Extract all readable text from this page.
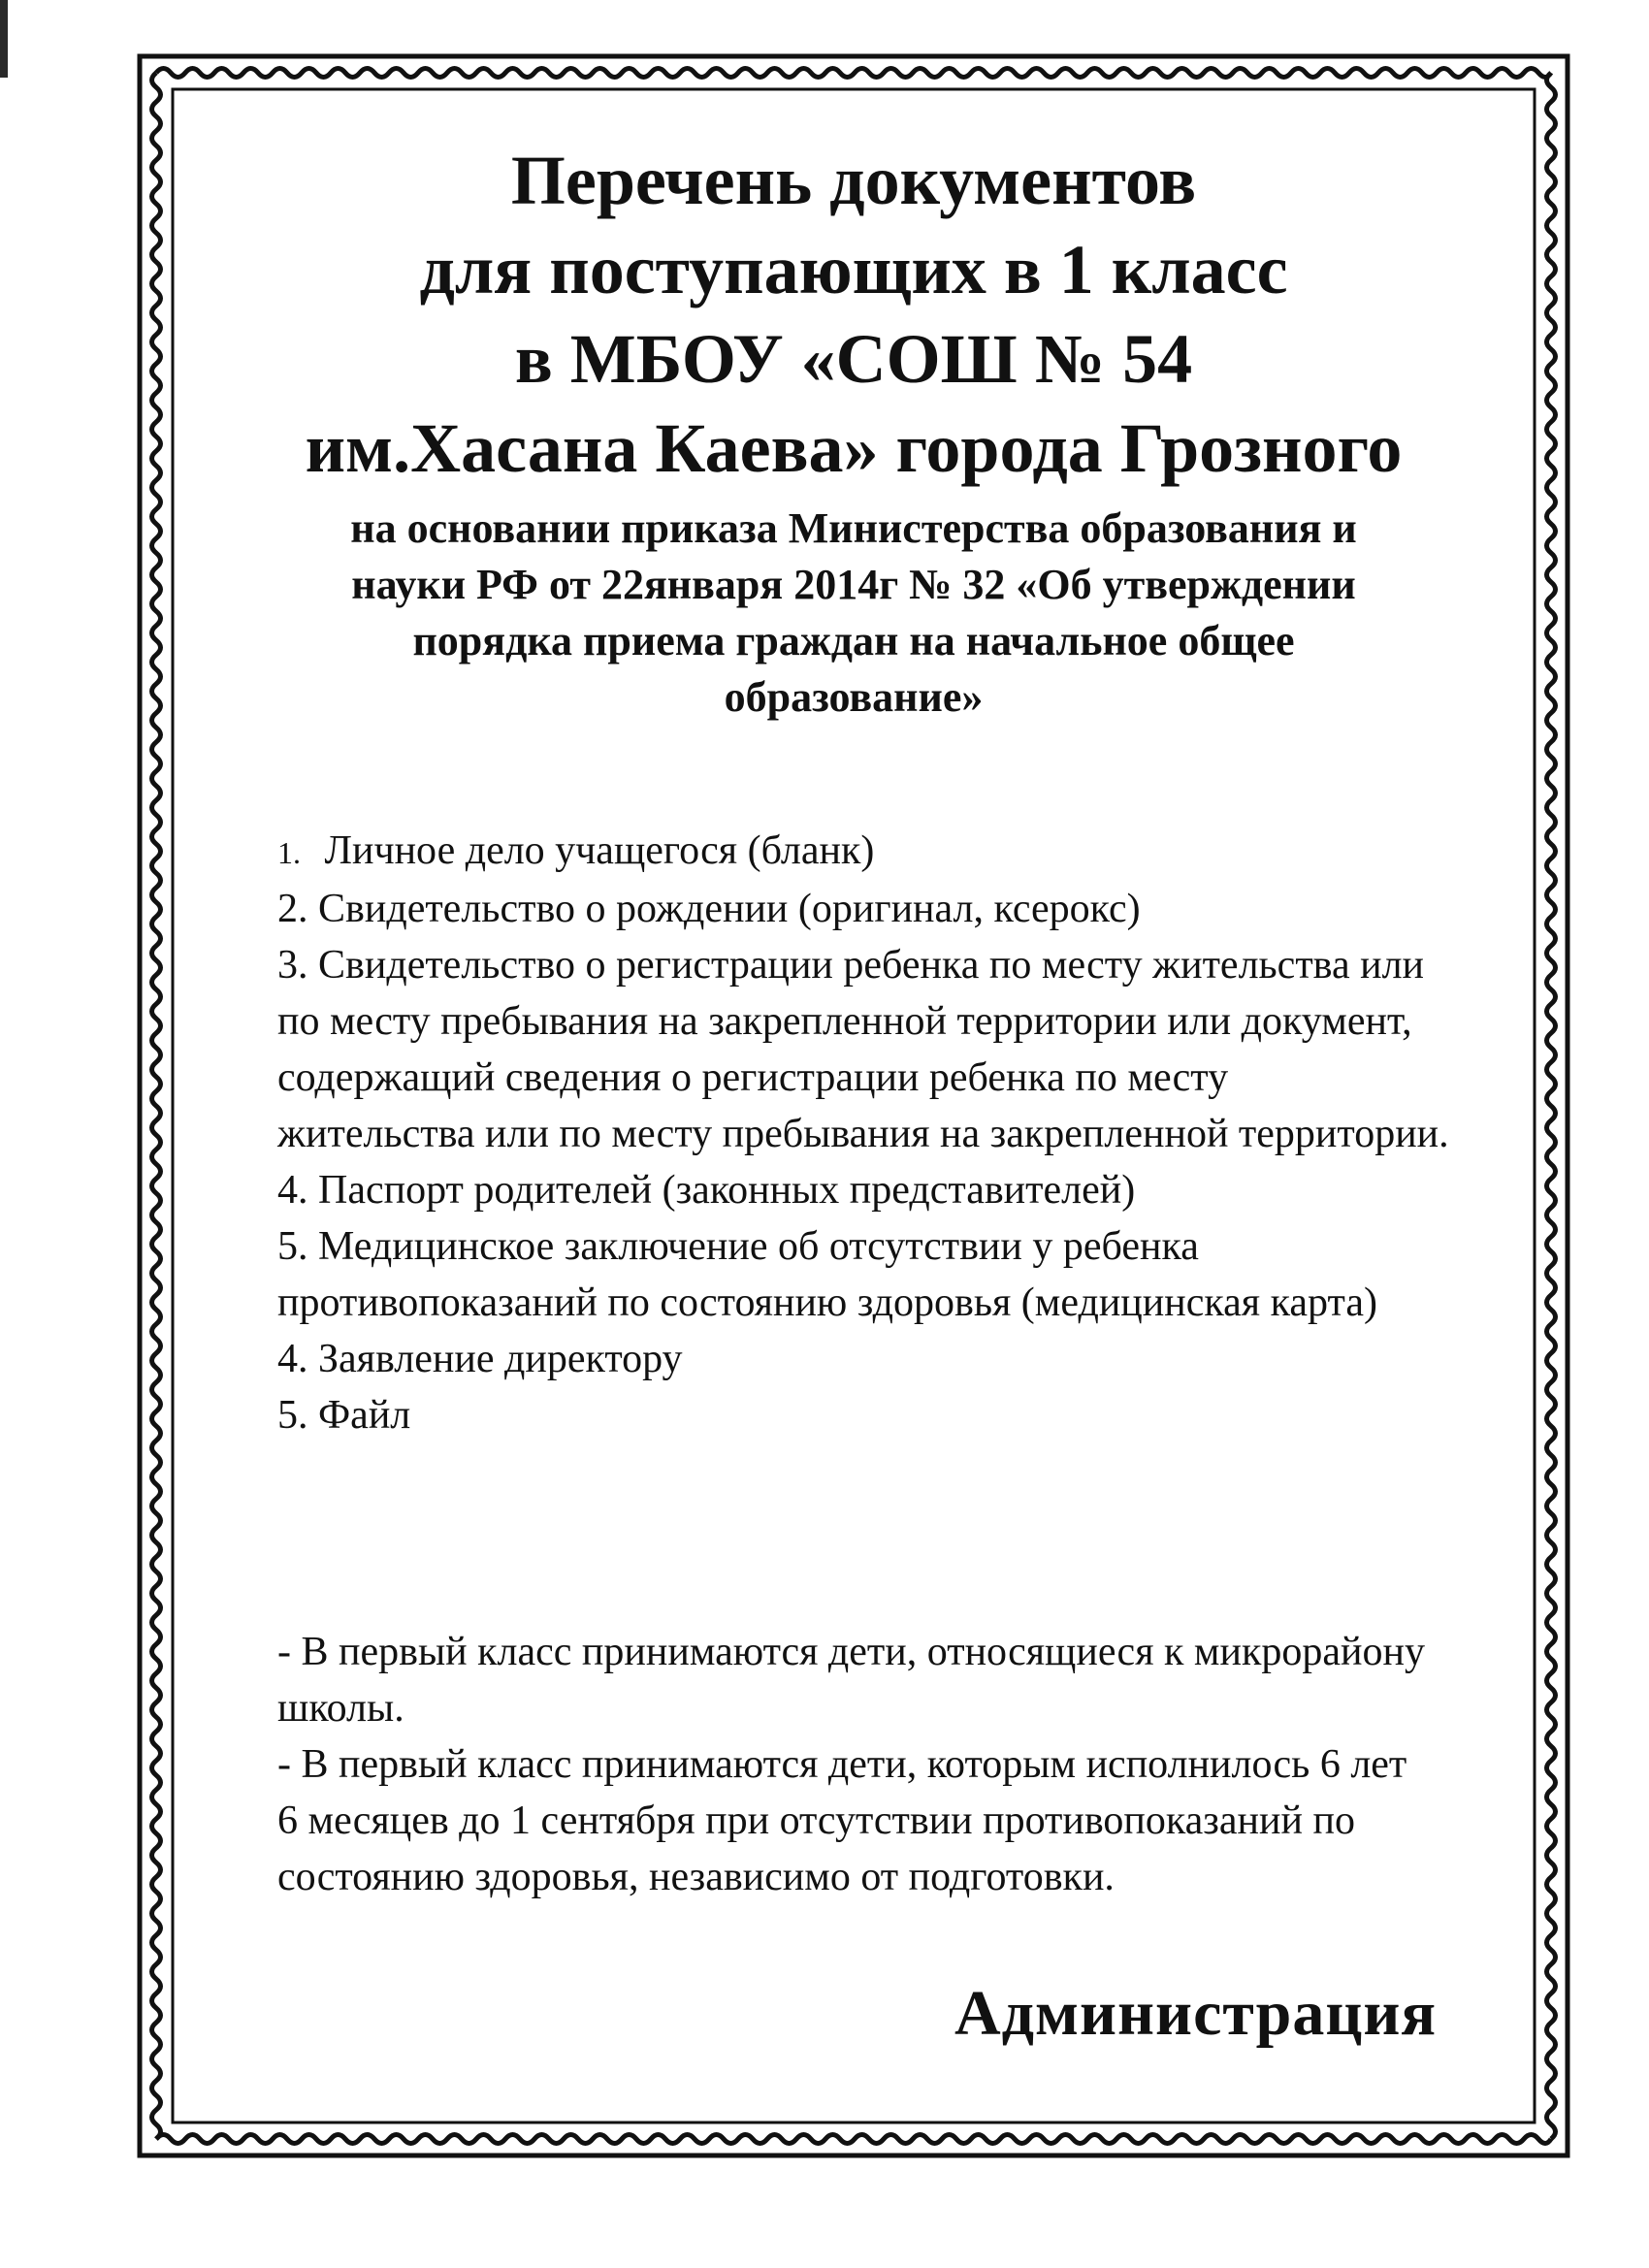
Перечень документов
для поступающих в 1 класс
в МБОУ «СОШ № 54
им.Хасана Каева» города Грозного

на основании приказа Министерства образования и
науки РФ от 22января 2014г № 32 «Об утверждении
порядка приема граждан на начальное общее
образование»

1. Личное дело учащегося (бланк)
2. Свидетельство о рождении (оригинал, ксерокс)
3. Свидетельство о регистрации ребенка по месту жительства или
по месту пребывания на закрепленной территории или документ,
содержащий сведения о регистрации ребенка по месту
жительства или по месту пребывания на закрепленной территории.
4. Паспорт родителей (законных представителей)
5. Медицинское заключение об отсутствии у ребенка
противопоказаний по состоянию здоровья (медицинская карта)
4. Заявление директору
5. Файл

- В первый класс принимаются дети, относящиеся к микрорайону
школы.

- В первый класс принимаются дети, которым исполнилось 6 лет
6 месяцев до 1 сентября при отсутствии противопоказаний по
состоянию здоровья, независимо от подготовки.

Администрация
